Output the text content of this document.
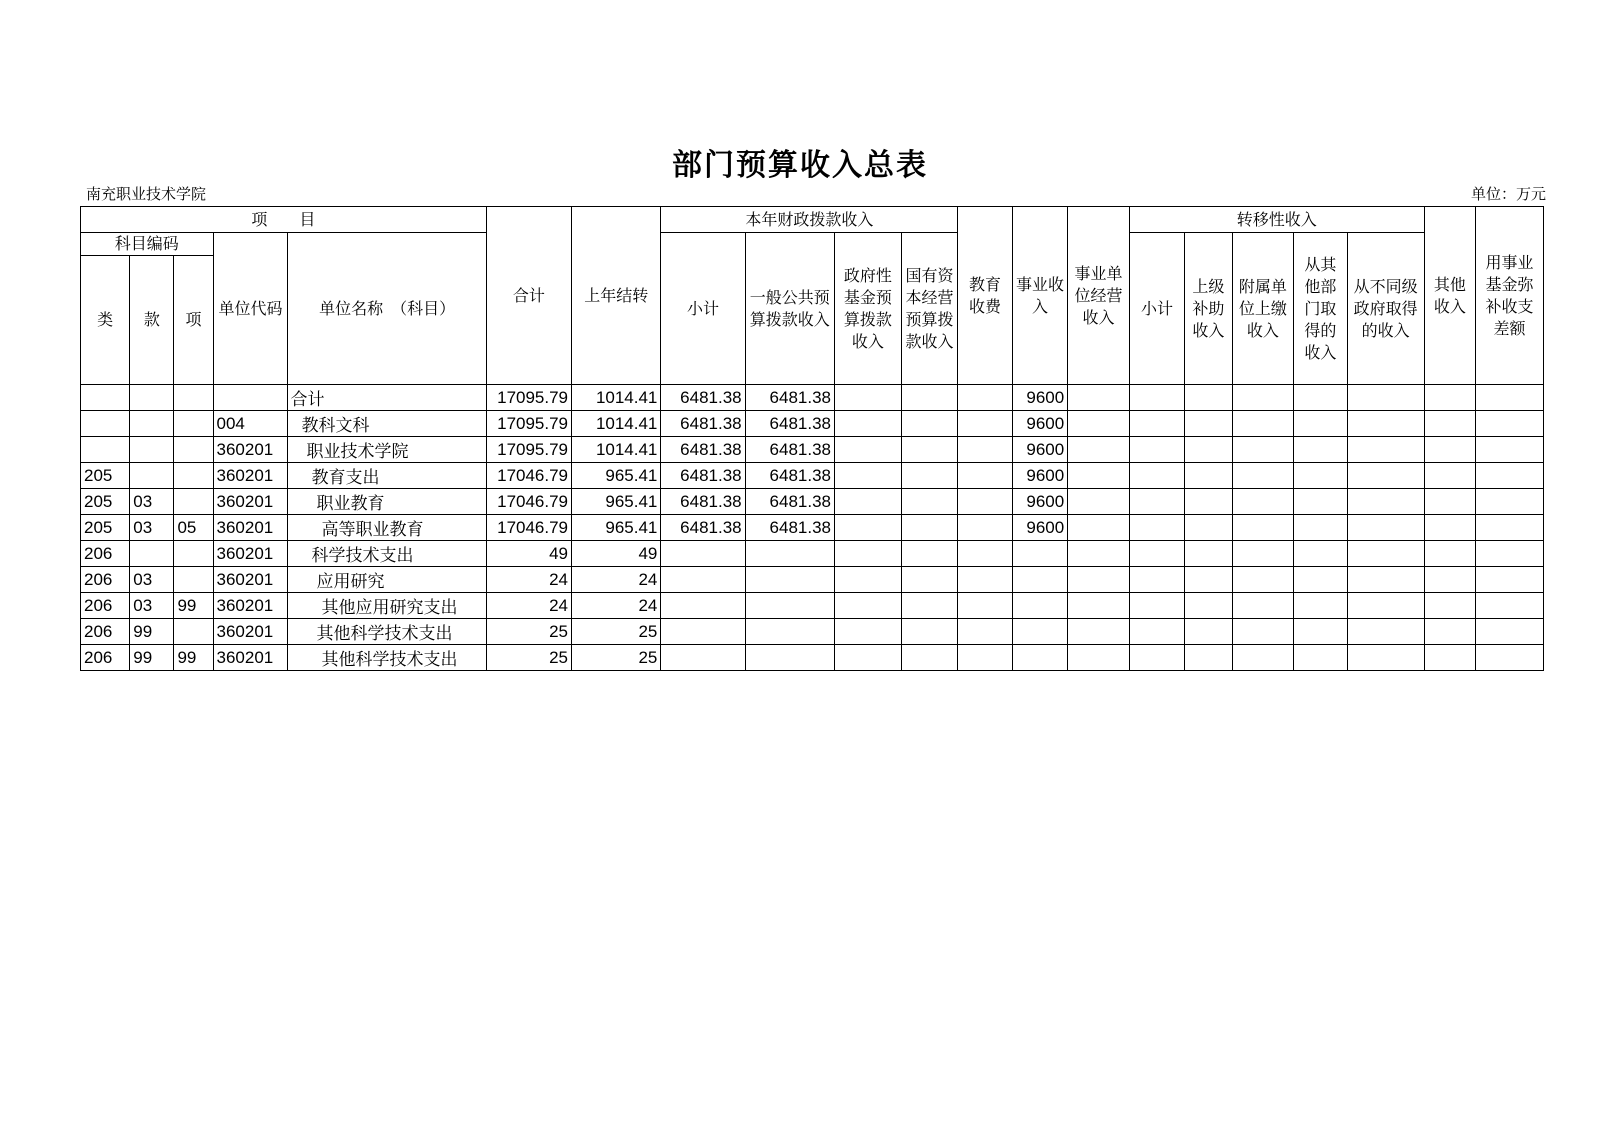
部门预算收入总表
南充职业技术学院	单位：万元
项　　目					合计	上年结转	本年财政拨款收入				教育收费	事业收入	事业单位经营收入	转移性收入					其他收入	用事业基金弥补收支差额
科目编码			单位代码	单位名称　（科目）			小计	一般公共预算拨款收入	政府性基金预算拨款收入	国有资本经营预算拨款收入				小计	上级补助收入	附属单位上缴收入	从其他部门取得的收入	从不同级政府取得的收入		
类	款	项																		
				合计	17095.79	1014.41	6481.38	6481.38				9600								
			004	教科文科	17095.79	1014.41	6481.38	6481.38				9600								
			360201	职业技术学院	17095.79	1014.41	6481.38	6481.38				9600								
205			360201	教育支出	17046.79	965.41	6481.38	6481.38				9600								
205	03		360201	职业教育	17046.79	965.41	6481.38	6481.38				9600								
205	03	05	360201	高等职业教育	17046.79	965.41	6481.38	6481.38				9600								
206			360201	科学技术支出	49	49														
206	03		360201	应用研究	24	24														
206	03	99	360201	其他应用研究支出	24	24														
206	99		360201	其他科学技术支出	25	25														
206	99	99	360201	其他科学技术支出	25	25														
